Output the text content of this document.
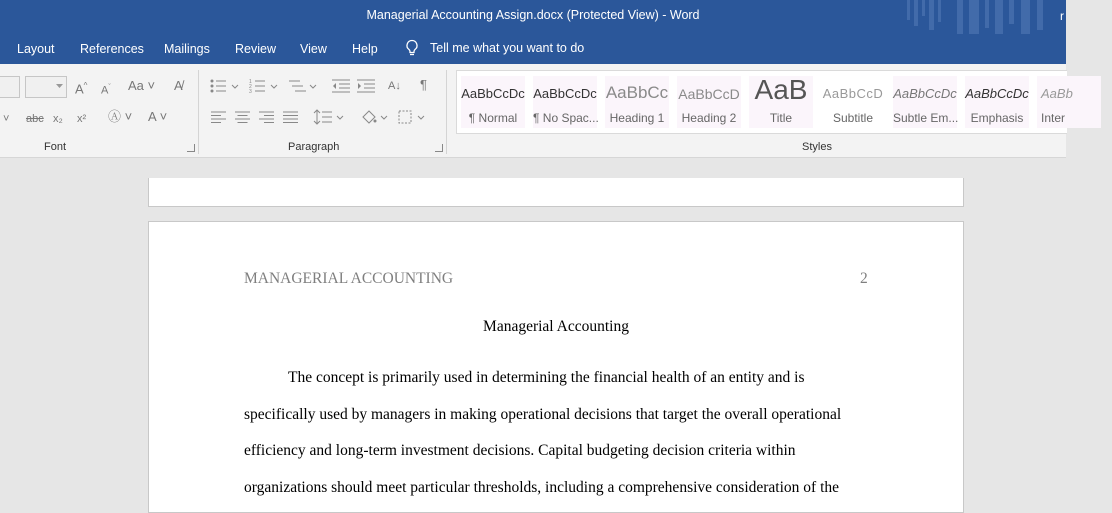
Managerial Accounting Assign.docx (Protected View) - Word	r
Layout References Mailings Review View Help	Tell me what you want to do
A^ $A^ˇ$ Aa ˅ A̸
˅ abc x₂ x² Ⓐ ˅ A ˅
Font
1
2
3	A↓ ¶
Paragraph
AaBbCcDc
¶ Normal
AaBbCcDc
¶ No Spac...
AaBbCc
Heading 1
AaBbCcD
Heading 2
AaB
Title
AaBbCcD
Subtitle
AaBbCcDc
Subtle Em...
AaBbCcDc
Emphasis
AaBb
Inter
Styles
MANAGERIAL ACCOUNTING	2
Managerial Accounting
The concept is primarily used in determining the financial health of an entity and is
specifically used by managers in making operational decisions that target the overall operational
efficiency and long-term investment decisions. Capital budgeting decision criteria within
organizations should meet particular thresholds, including a comprehensive consideration of the
